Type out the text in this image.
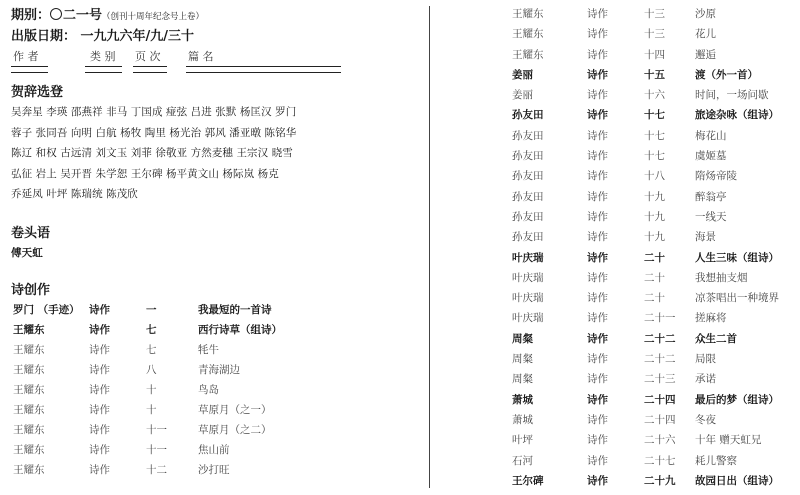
期别： 二一号（创刊十周年纪念号上卷）
出版日期： 一九九六年/九/三十
作 者	类 别 页 次	篇 名
贺辞选登
吴奔星 李瑛 邵燕祥 非马 丁国成 痖弦 吕进 张默 杨匡汉 罗门
蓉子 张同吾 向明 白航 杨牧 陶里 杨光治 郭风 潘亚暾 陈铭华
陈辽 和权 古远清 刘文玉 刘菲 徐敬亚 方然麦穗 王宗汉 晓雪
弘征 岩上 吴开晋 朱学恕 王尔碑 杨平黄文山 杨际岚 杨克
乔延凤 叶坪 陈瑞统 陈茂欣
卷头语
傅天虹
诗创作
罗门 （手迹） 诗作	一	我最短的一首诗
王耀东	诗作	七	西行诗草（组诗）
王耀东	诗作	七	牦牛
王耀东	诗作	八	青海湖边
王耀东	诗作	十	鸟岛
王耀东	诗作	十	草原月（之一）
王耀东	诗作	十一	草原月（之二）
王耀东	诗作	十一	焦山前
王耀东	诗作	十二	沙打旺
王耀东	诗作	十三	沙原
王耀东	诗作	十三	花儿
王耀东	诗作	十四	邂逅
姜丽	诗作	十五	渡（外一首）
姜丽	诗作	十六	时间，一场问歇
孙友田	诗作	十七	旅途杂咏（组诗）
孙友田	诗作	十七	梅花山
孙友田	诗作	十七	虞姬墓
孙友田	诗作	十八	隋炀帝陵
孙友田	诗作	十九	醉翁亭
孙友田	诗作	十九	一线天
孙友田	诗作	十九	海景
叶庆瑞	诗作	二十	人生三味（组诗）
叶庆瑞	诗作	二十	我想抽支烟
叶庆瑞	诗作	二十	凉茶唱出一种境界
叶庆瑞	诗作	二十一 搓麻将
周粲	诗作	二十二 众生二首
周粲	诗作	二十二 局限
周粲	诗作	二十三 承诺
萧城	诗作	二十四 最后的梦（组诗）
萧城	诗作	二十四 冬夜
叶坪	诗作	二十六 十年 赠天虹兄
石河	诗作	二十七 耗儿警察
王尔碑	诗作	二十九 故园日出（组诗）
